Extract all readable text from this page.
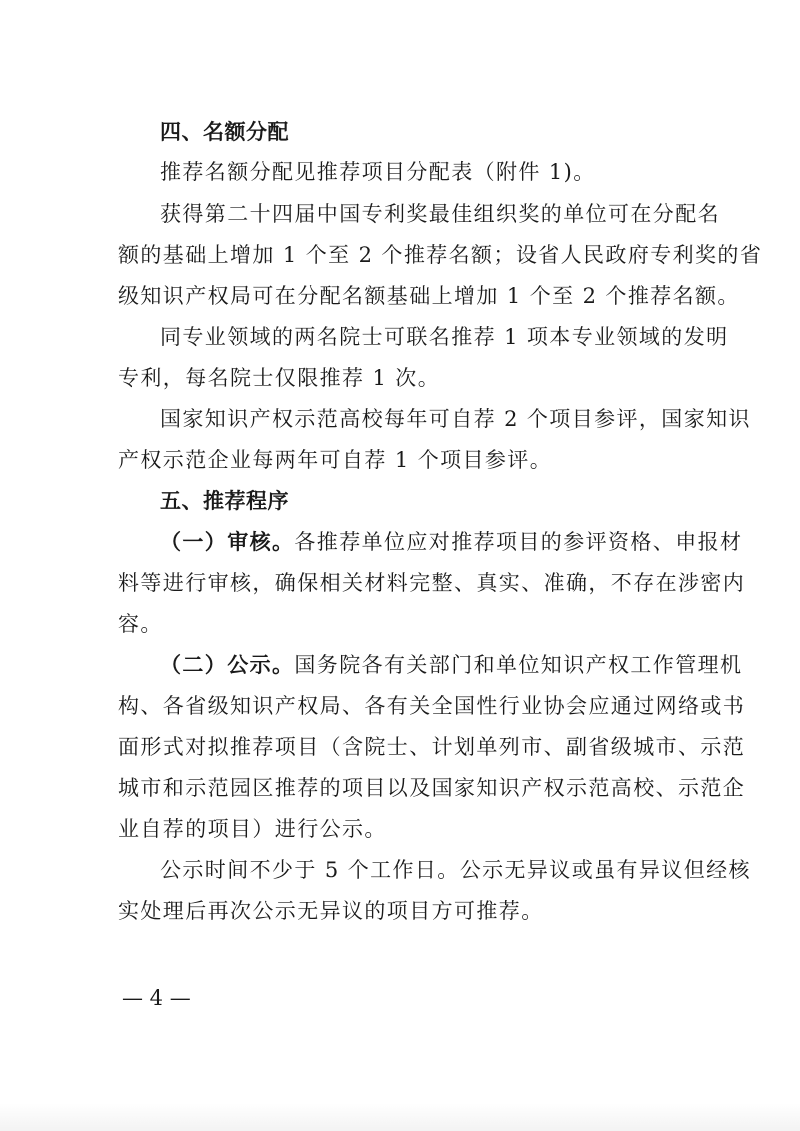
四、名额分配
推荐名额分配见推荐项目分配表（附件 1)。
获得第二十四届中国专利奖最佳组织奖的单位可在分配名
额的基础上增加 1 个至 2 个推荐名额；设省人民政府专利奖的省
级知识产权局可在分配名额基础上增加 1 个至 2 个推荐名额。
同专业领域的两名院士可联名推荐 1 项本专业领域的发明
专利，每名院士仅限推荐 1 次。
国家知识产权示范高校每年可自荐 2 个项目参评，国家知识
产权示范企业每两年可自荐 1 个项目参评。
五、推荐程序
（一）审核。各推荐单位应对推荐项目的参评资格、申报材
料等进行审核，确保相关材料完整、真实、准确，不存在涉密内
容。
（二）公示。国务院各有关部门和单位知识产权工作管理机
构、各省级知识产权局、各有关全国性行业协会应通过网络或书
面形式对拟推荐项目（含院士、计划单列市、副省级城市、示范
城市和示范园区推荐的项目以及国家知识产权示范高校、示范企
业自荐的项目）进行公示。
公示时间不少于 5 个工作日。公示无异议或虽有异议但经核
实处理后再次公示无异议的项目方可推荐。
— 4 —
